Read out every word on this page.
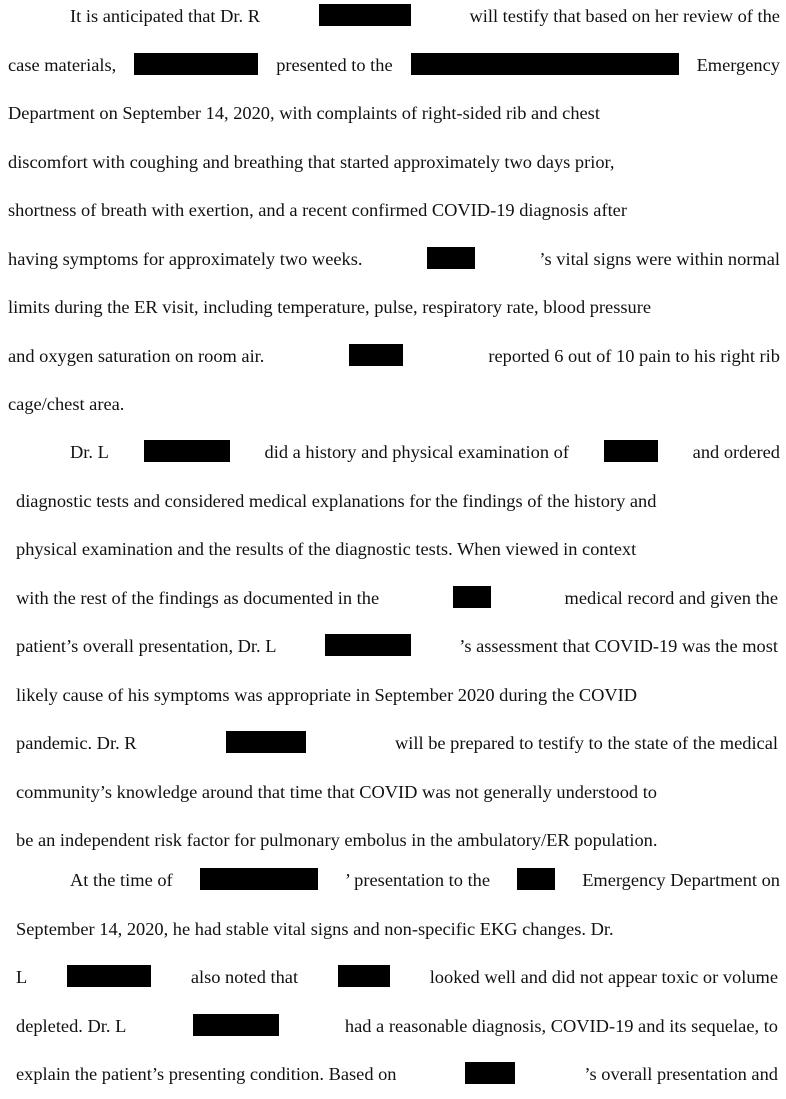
It is anticipated that Dr. R	will testify that based on her review of the
case materials,	presented to the	Emergency
Department on September 14, 2020, with complaints of right-sided rib and chest
discomfort with coughing and breathing that started approximately two days prior,
shortness of breath with exertion, and a recent confirmed COVID-19 diagnosis after
having symptoms for approximately two weeks.	’s vital signs were within normal
limits during the ER visit, including temperature, pulse, respiratory rate, blood pressure
and oxygen saturation on room air.	reported 6 out of 10 pain to his right rib
cage/chest area.
Dr. L	did a history and physical examination of	and ordered
diagnostic tests and considered medical explanations for the findings of the history and
physical examination and the results of the diagnostic tests. When viewed in context
with the rest of the findings as documented in the	medical record and given the
patient’s overall presentation, Dr. L	’s assessment that COVID-19 was the most
likely cause of his symptoms was appropriate in September 2020 during the COVID
pandemic. Dr. R	will be prepared to testify to the state of the medical
community’s knowledge around that time that COVID was not generally understood to
be an independent risk factor for pulmonary embolus in the ambulatory/ER population.
At the time of	’ presentation to the	Emergency Department on
September 14, 2020, he had stable vital signs and non-specific EKG changes. Dr.
L	also noted that	looked well and did not appear toxic or volume
depleted. Dr. L	had a reasonable diagnosis, COVID-19 and its sequelae, to
explain the patient’s presenting condition. Based on	’s overall presentation and
